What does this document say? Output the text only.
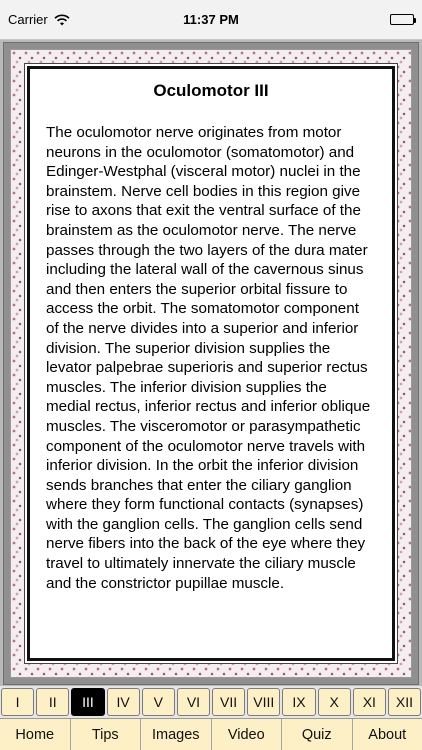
Carrier	11:37 PM
Oculomotor III

The oculomotor nerve originates from motor neurons in the oculomotor (somatomotor) and Edinger-Westphal (visceral motor) nuclei in the brainstem. Nerve cell bodies in this region give rise to axons that exit the ventral surface of the brainstem as the oculomotor nerve. The nerve passes through the two layers of the dura mater including the lateral wall of the cavernous sinus and then enters the superior orbital fissure to access the orbit. The somatomotor component of the nerve divides into a superior and inferior division. The superior division supplies the levator palpebrae superioris and superior rectus muscles. The inferior division supplies the medial rectus, inferior rectus and inferior oblique muscles. The visceromotor or parasympathetic component of the oculomotor nerve travels with inferior division. In the orbit the inferior division sends branches that enter the ciliary ganglion where they form functional contacts (synapses) with the ganglion cells. The ganglion cells send nerve fibers into the back of the eye where they travel to ultimately innervate the ciliary muscle and the constrictor pupillae muscle.

I	II	III	IV	V	VI	VII	VIII	IX	X	XI	XII
Home	Tips	Images	Video	Quiz	About
